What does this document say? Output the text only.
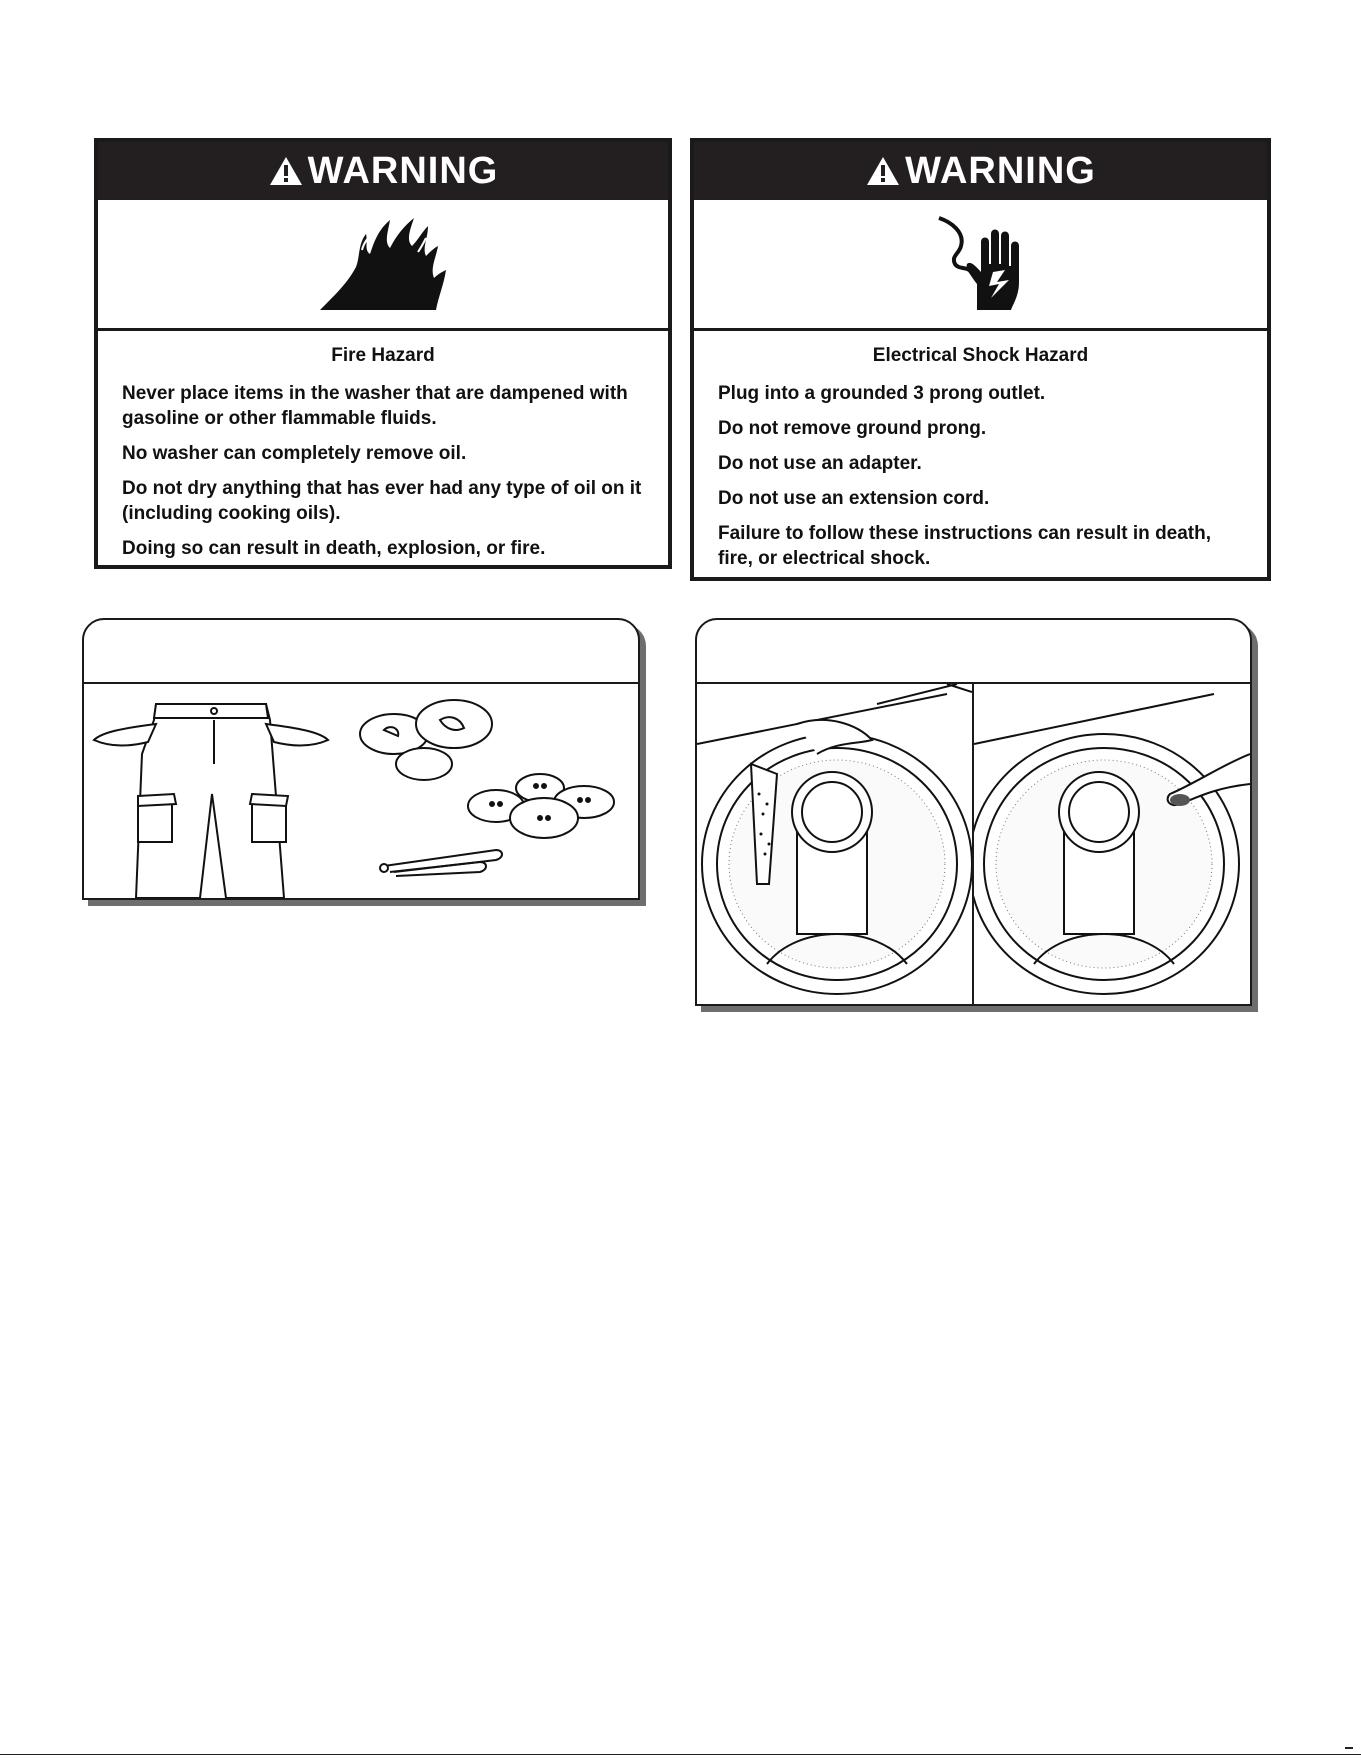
WARNING
Fire Hazard

Never place items in the washer that are dampened with gasoline or other flammable fluids.

No washer can completely remove oil.

Do not dry anything that has ever had any type of oil on it (including cooking oils).

Doing so can result in death, explosion, or fire.

WARNING
Electrical Shock Hazard

Plug into a grounded 3 prong outlet.

Do not remove ground prong.

Do not use an adapter.

Do not use an extension cord.

Failure to follow these instructions can result in death, fire, or electrical shock.
